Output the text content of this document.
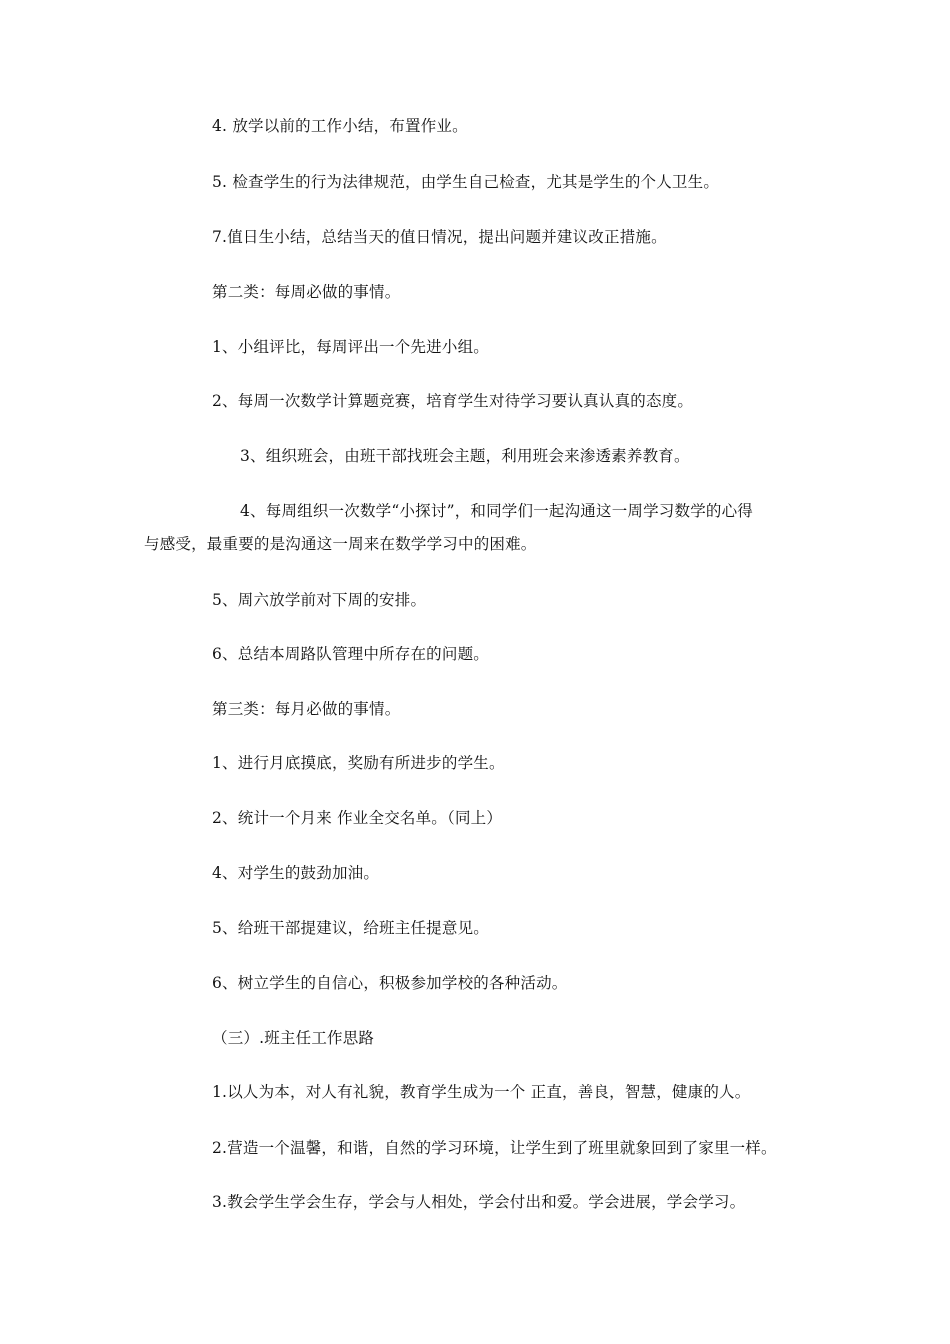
4. 放学以前的工作小结，布置作业。
5. 检查学生的行为法律规范，由学生自己检查，尤其是学生的个人卫生。
7.值日生小结，总结当天的值日情况，提出问题并建议改正措施。
第二类：每周必做的事情。
1、小组评比，每周评出一个先进小组。
2、每周一次数学计算题竞赛，培育学生对待学习要认真认真的态度。
3、组织班会，由班干部找班会主题，利用班会来渗透素养教育。
4、每周组织一次数学“小探讨”，和同学们一起沟通这一周学习数学的心得
与感受，最重要的是沟通这一周来在数学学习中的困难。
5、周六放学前对下周的安排。
6、总结本周路队管理中所存在的问题。
第三类：每月必做的事情。
1、进行月底摸底，奖励有所进步的学生。
2、统计一个月来 作业全交名单。（同上）
4、对学生的鼓劲加油。
5、给班干部提建议，给班主任提意见。
6、树立学生的自信心，积极参加学校的各种活动。
（三）.班主任工作思路
1.以人为本，对人有礼貌，教育学生成为一个 正直，善良，智慧，健康的人。
2.营造一个温馨，和谐，自然的学习环境，让学生到了班里就象回到了家里一样。
3.教会学生学会生存，学会与人相处，学会付出和爱。学会进展，学会学习。
